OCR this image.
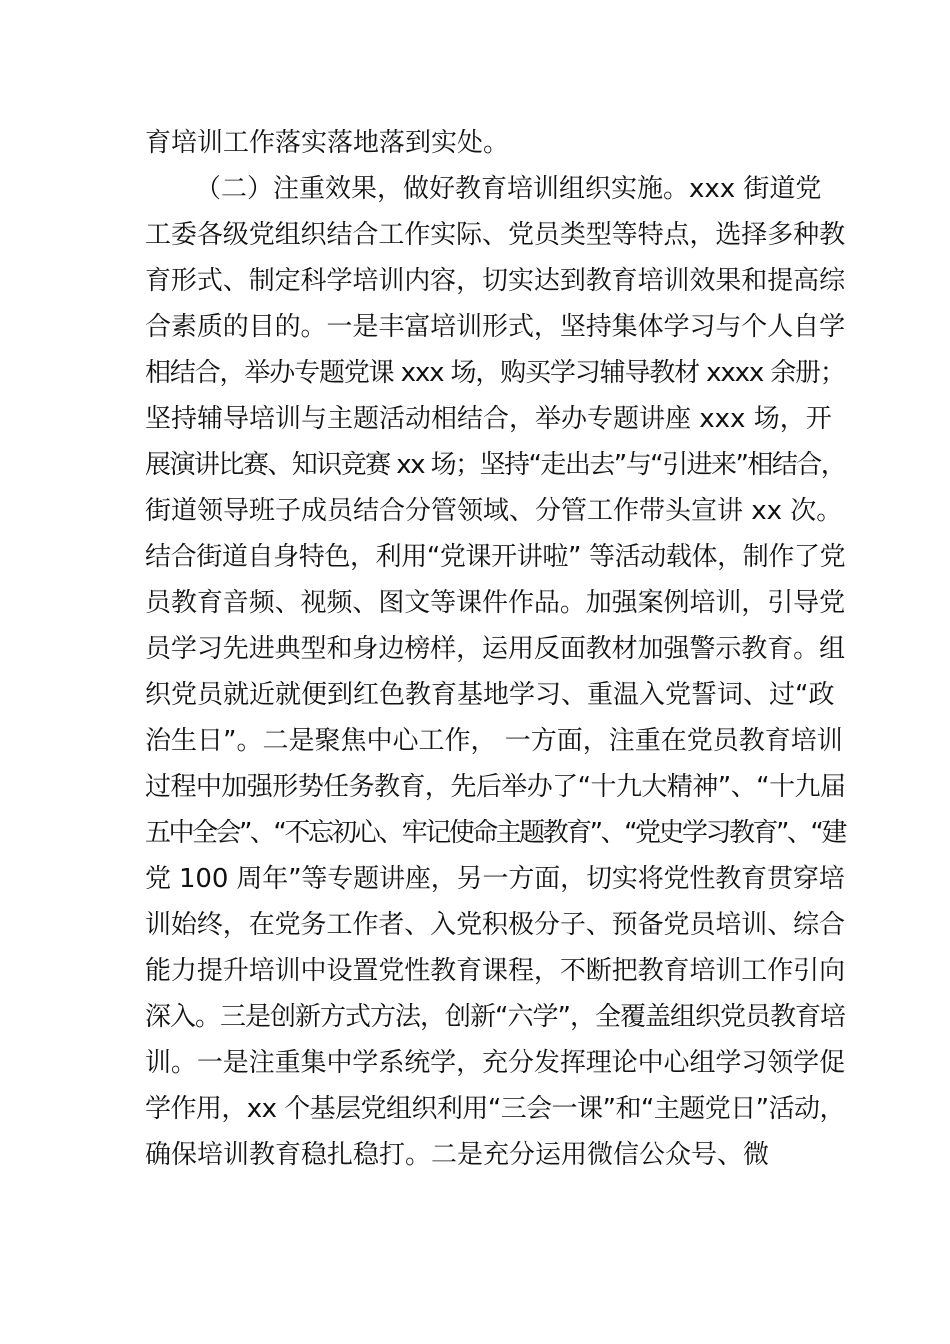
育培训工作落实落地落到实处。
（二）注重效果，做好教育培训组织实施。xxx 街道党
工委各级党组织结合工作实际、党员类型等特点，选择多种教
育形式、制定科学培训内容，切实达到教育培训效果和提高综
合素质的目的。一是丰富培训形式，坚持集体学习与个人自学
相结合，举办专题党课 xxx 场，购买学习辅导教材 xxxx 余册；
坚持辅导培训与主题活动相结合，举办专题讲座 xxx 场，开
展演讲比赛、知识竞赛 xx 场；坚持“走出去”与“引进来”相结合，
街道领导班子成员结合分管领域、分管工作带头宣讲 xx 次。
结合街道自身特色，利用“党课开讲啦” 等活动载体，制作了党
员教育音频、视频、图文等课件作品。加强案例培训，引导党
员学习先进典型和身边榜样，运用反面教材加强警示教育。组
织党员就近就便到红色教育基地学习、重温入党誓词、过“政
治生日”。二是聚焦中心工作， 一方面，注重在党员教育培训
过程中加强形势任务教育，先后举办了“十九大精神”、“十九届
五中全会”、“不忘初心、牢记使命主题教育”、“党史学习教育”、“建
党 100 周年”等专题讲座，另一方面，切实将党性教育贯穿培
训始终，在党务工作者、入党积极分子、预备党员培训、综合
能力提升培训中设置党性教育课程，不断把教育培训工作引向
深入。三是创新方式方法，创新“六学”，全覆盖组织党员教育培
训。一是注重集中学系统学，充分发挥理论中心组学习领学促
学作用，xx 个基层党组织利用“三会一课”和“主题党日”活动，
确保培训教育稳扎稳打。二是充分运用微信公众号、微
